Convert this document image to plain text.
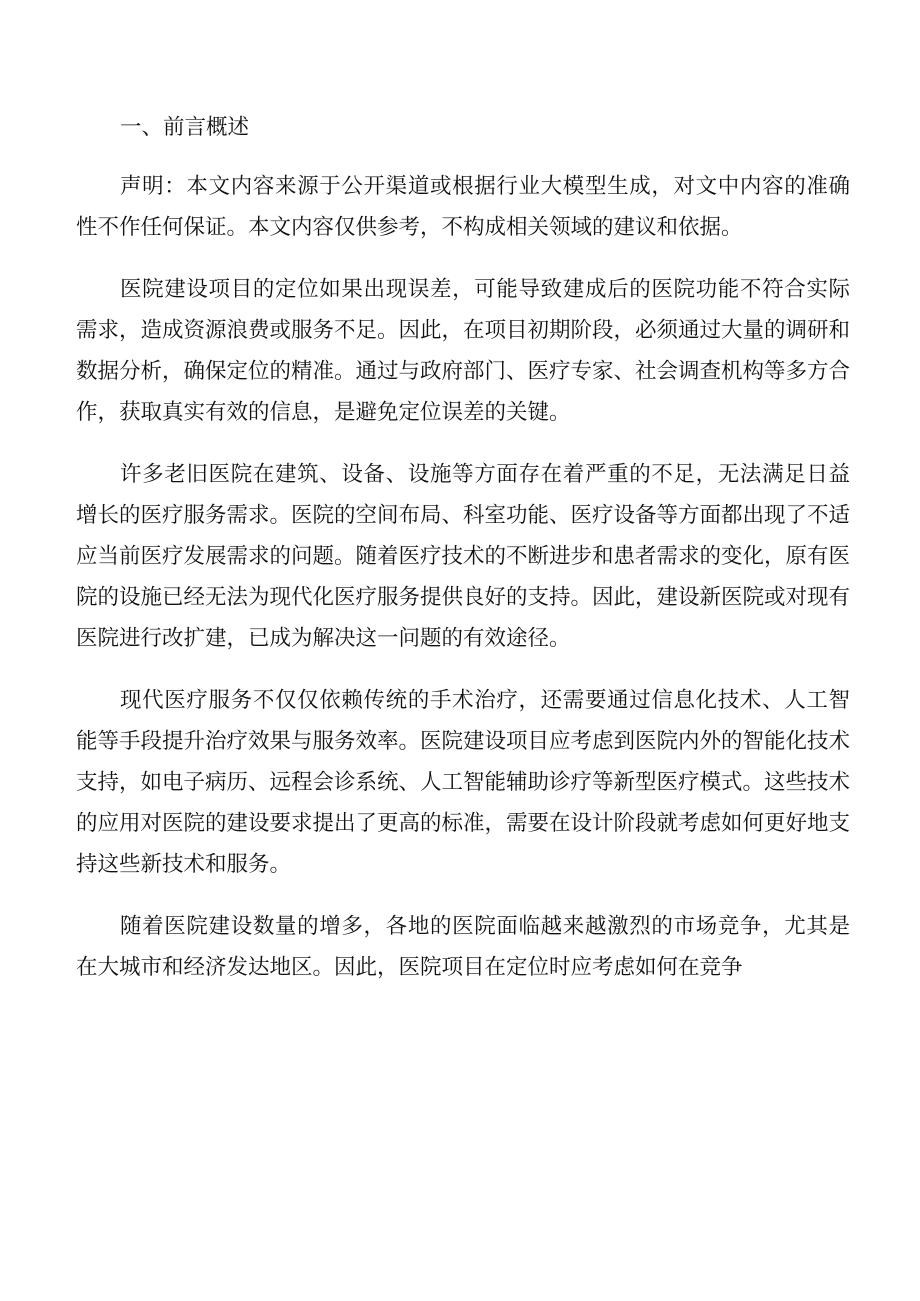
一、前言概述

声明：本文内容来源于公开渠道或根据行业大模型生成，对文中内容的准确性不作任何保证。本文内容仅供参考，不构成相关领域的建议和依据。

医院建设项目的定位如果出现误差，可能导致建成后的医院功能不符合实际需求，造成资源浪费或服务不足。因此，在项目初期阶段，必须通过大量的调研和数据分析，确保定位的精准。通过与政府部门、医疗专家、社会调查机构等多方合作，获取真实有效的信息，是避免定位误差的关键。

许多老旧医院在建筑、设备、设施等方面存在着严重的不足，无法满足日益增长的医疗服务需求。医院的空间布局、科室功能、医疗设备等方面都出现了不适应当前医疗发展需求的问题。随着医疗技术的不断进步和患者需求的变化，原有医院的设施已经无法为现代化医疗服务提供良好的支持。因此，建设新医院或对现有医院进行改扩建，已成为解决这一问题的有效途径。

现代医疗服务不仅仅依赖传统的手术治疗，还需要通过信息化技术、人工智能等手段提升治疗效果与服务效率。医院建设项目应考虑到医院内外的智能化技术支持，如电子病历、远程会诊系统、人工智能辅助诊疗等新型医疗模式。这些技术的应用对医院的建设要求提出了更高的标准，需要在设计阶段就考虑如何更好地支持这些新技术和服务。

随着医院建设数量的增多，各地的医院面临越来越激烈的市场竞争，尤其是在大城市和经济发达地区。因此，医院项目在定位时应考虑如何在竞争
